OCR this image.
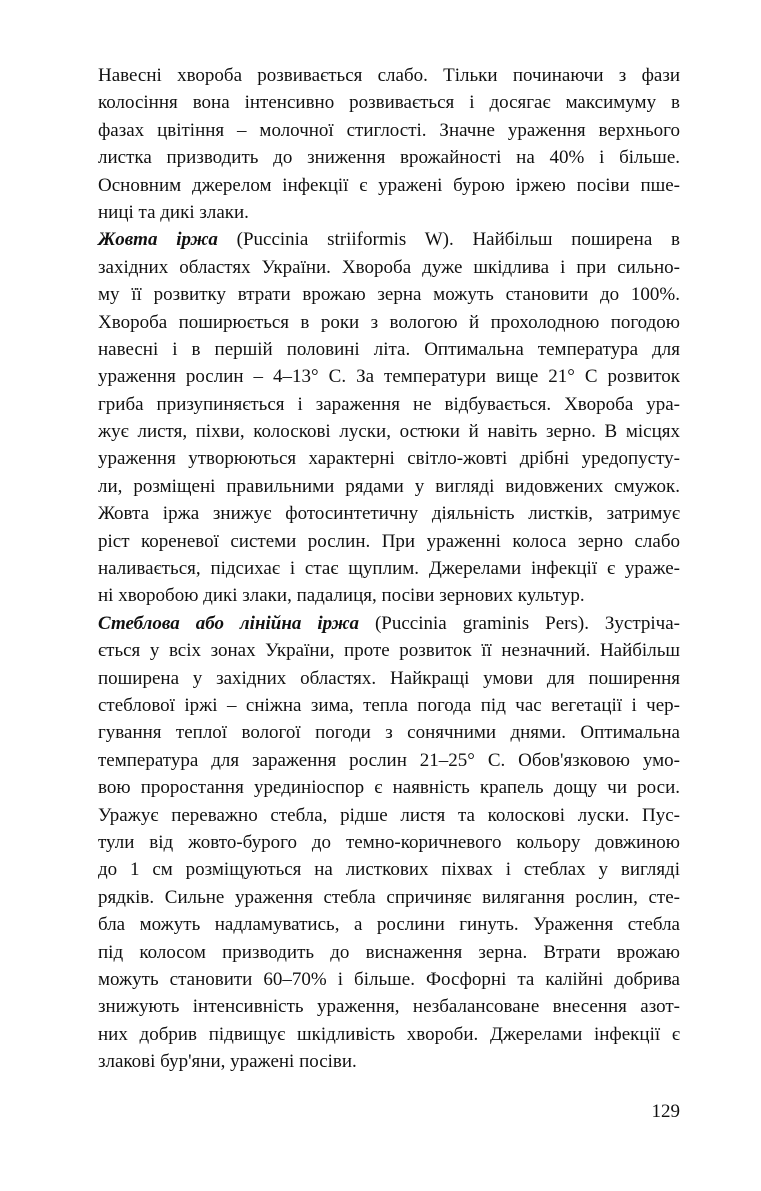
Навесні хвороба розвивається слабо. Тільки починаючи з фази
колосіння вона інтенсивно розвивається і досягає максимуму в
фазах цвітіння – молочної стиглості. Значне ураження верхнього
листка призводить до зниження врожайності на 40% і більше.
Основним джерелом інфекції є уражені бурою іржею посіви пше-
ниці та дикі злаки.
Жовта іржа (Puccinia striiformis W). Найбільш поширена в
західних областях України. Хвороба дуже шкідлива і при сильно-
му її розвитку втрати врожаю зерна можуть становити до 100%.
Хвороба поширюється в роки з вологою й прохолодною погодою
навесні і в першій половині літа. Оптимальна температура для
ураження рослин – 4–13° С. За температури вище 21° С розвиток
гриба призупиняється і зараження не відбувається. Хвороба ура-
жує листя, піхви, колоскові луски, остюки й навіть зерно. В місцях
ураження утворюються характерні світло-жовті дрібні уредопусту-
ли, розміщені правильними рядами у вигляді видовжених смужок.
Жовта іржа знижує фотосинтетичну діяльність листків, затримує
ріст кореневої системи рослин. При ураженні колоса зерно слабо
наливається, підсихає і стає щуплим. Джерелами інфекції є ураже-
ні хворобою дикі злаки, падалиця, посіви зернових культур.
Стеблова або лінійна іржа (Puccinia graminis Pers). Зустріча-
ється у всіх зонах України, проте розвиток її незначний. Найбільш
поширена у західних областях. Найкращі умови для поширення
стеблової іржі – сніжна зима, тепла погода під час вегетації і чер-
гування теплої вологої погоди з сонячними днями. Оптимальна
температура для зараження рослин 21–25° С. Обов'язковою умо-
вою проростання урединіоспор є наявність крапель дощу чи роси.
Уражує переважно стебла, рідше листя та колоскові луски. Пус-
тули від жовто-бурого до темно-коричневого кольору довжиною
до 1 см розміщуються на листкових піхвах і стеблах у вигляді
рядків. Сильне ураження стебла спричиняє вилягання рослин, сте-
бла можуть надламуватись, а рослини гинуть. Ураження стебла
під колосом призводить до виснаження зерна. Втрати врожаю
можуть становити 60–70% і більше. Фосфорні та калійні добрива
знижують інтенсивність ураження, незбалансоване внесення азот-
них добрив підвищує шкідливість хвороби. Джерелами інфекції є
злакові бур'яни, уражені посіви.
129
